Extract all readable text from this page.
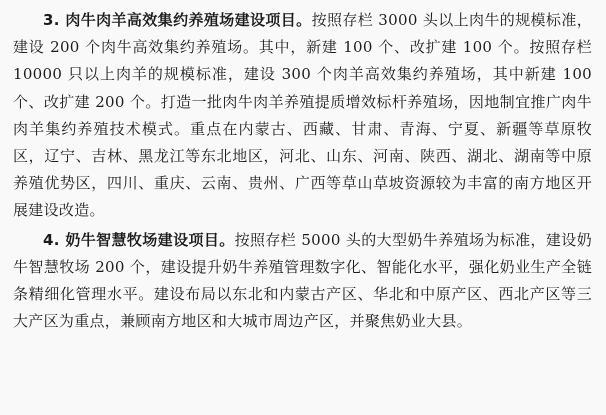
3. 肉牛肉羊高效集约养殖场建设项目。按照存栏 3000 头以上肉牛的规模标准，建设 200 个肉牛高效集约养殖场。其中，新建 100 个、改扩建 100 个。按照存栏 10000 只以上肉羊的规模标准，建设 300 个肉羊高效集约养殖场，其中新建 100 个、改扩建 200 个。打造一批肉牛肉羊养殖提质增效标杆养殖场，因地制宜推广肉牛肉羊集约养殖技术模式。重点在内蒙古、西藏、甘肃、青海、宁夏、新疆等草原牧区，辽宁、吉林、黑龙江等东北地区，河北、山东、河南、陕西、湖北、湖南等中原养殖优势区，四川、重庆、云南、贵州、广西等草山草坡资源较为丰富的南方地区开展建设改造。

4. 奶牛智慧牧场建设项目。按照存栏 5000 头的大型奶牛养殖场为标准，建设奶牛智慧牧场 200 个，建设提升奶牛养殖管理数字化、智能化水平，强化奶业生产全链条精细化管理水平。建设布局以东北和内蒙古产区、华北和中原产区、西北产区等三大产区为重点，兼顾南方地区和大城市周边产区，并聚焦奶业大县。
